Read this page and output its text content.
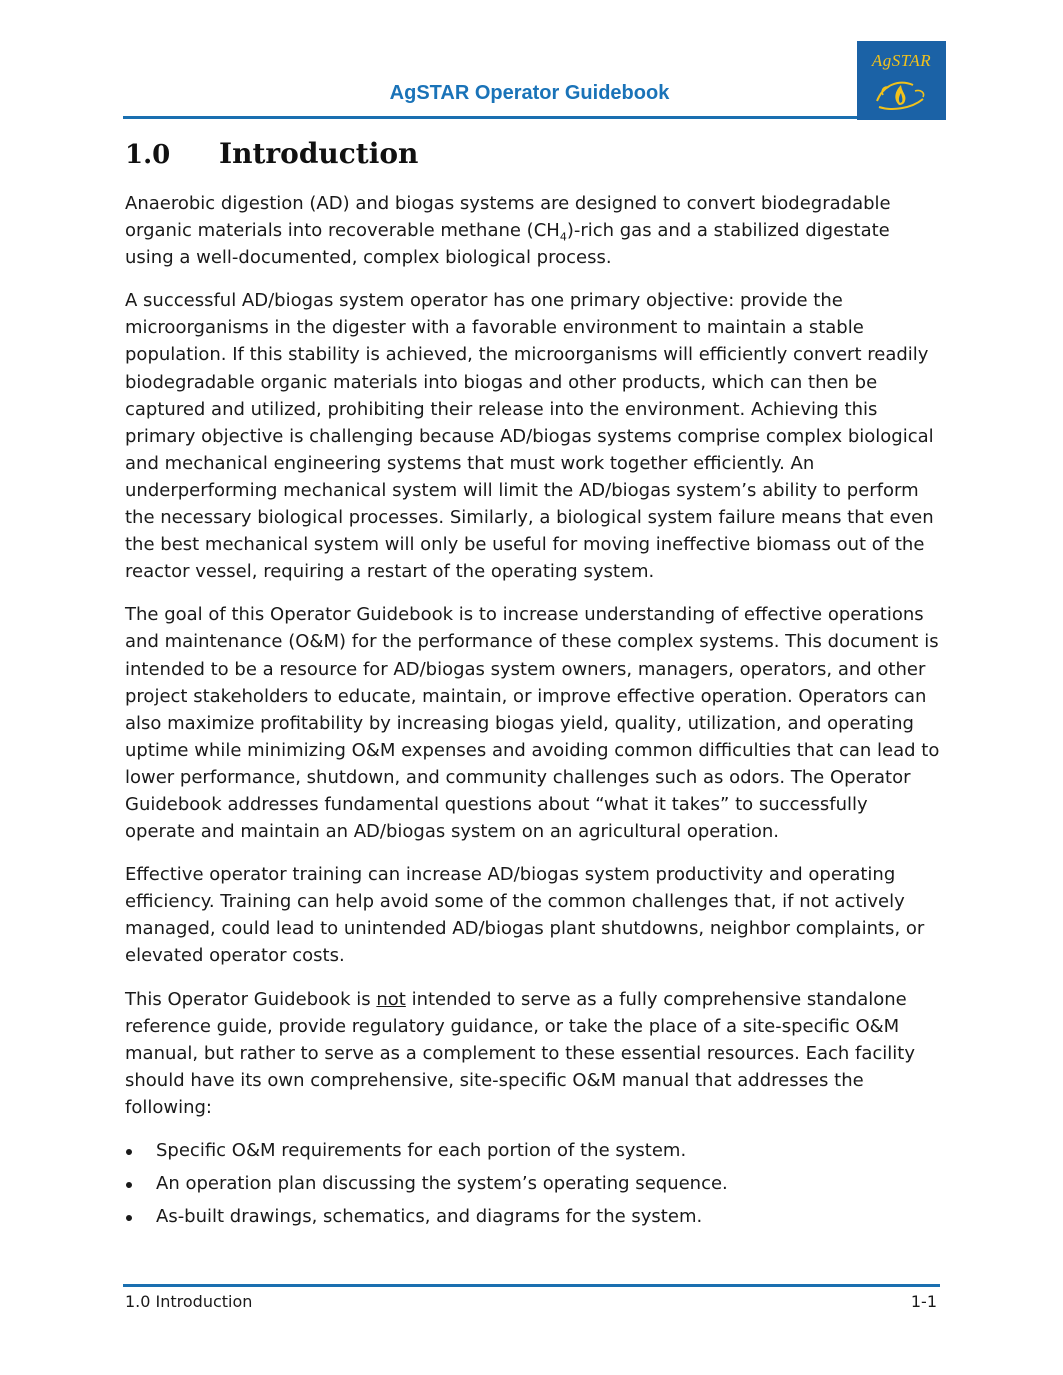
AgSTAR Operator Guidebook
AgSTAR
1.0 Introduction

Anaerobic digestion (AD) and biogas systems are designed to convert biodegradable organic materials into recoverable methane $(CH_4)$-rich gas and a stabilized digestate using a well-documented, complex biological process.

A successful AD/biogas system operator has one primary objective: provide the microorganisms in the digester with a favorable environment to maintain a stable population. If this stability is achieved, the microorganisms will efficiently convert readily biodegradable organic materials into biogas and other products, which can then be captured and utilized, prohibiting their release into the environment. Achieving this primary objective is challenging because AD/biogas systems comprise complex biological and mechanical engineering systems that must work together efficiently. An underperforming mechanical system will limit the AD/biogas system’s ability to perform the necessary biological processes. Similarly, a biological system failure means that even the best mechanical system will only be useful for moving ineffective biomass out of the reactor vessel, requiring a restart of the operating system.

The goal of this Operator Guidebook is to increase understanding of effective operations and maintenance (O&M) for the performance of these complex systems. This document is intended to be a resource for AD/biogas system owners, managers, operators, and other project stakeholders to educate, maintain, or improve effective operation. Operators can also maximize profitability by increasing biogas yield, quality, utilization, and operating uptime while minimizing O&M expenses and avoiding common difficulties that can lead to lower performance, shutdown, and community challenges such as odors. The Operator Guidebook addresses fundamental questions about “what it takes” to successfully operate and maintain an AD/biogas system on an agricultural operation.

Effective operator training can increase AD/biogas system productivity and operating efficiency. Training can help avoid some of the common challenges that, if not actively managed, could lead to unintended AD/biogas plant shutdowns, neighbor complaints, or elevated operator costs.

This Operator Guidebook is not intended to serve as a fully comprehensive standalone reference guide, provide regulatory guidance, or take the place of a site-specific O&M manual, but rather to serve as a complement to these essential resources. Each facility should have its own comprehensive, site-specific O&M manual that addresses the following:

Specific O&M requirements for each portion of the system.
An operation plan discussing the system’s operating sequence.
As-built drawings, schematics, and diagrams for the system.
1.0 Introduction	1-1
